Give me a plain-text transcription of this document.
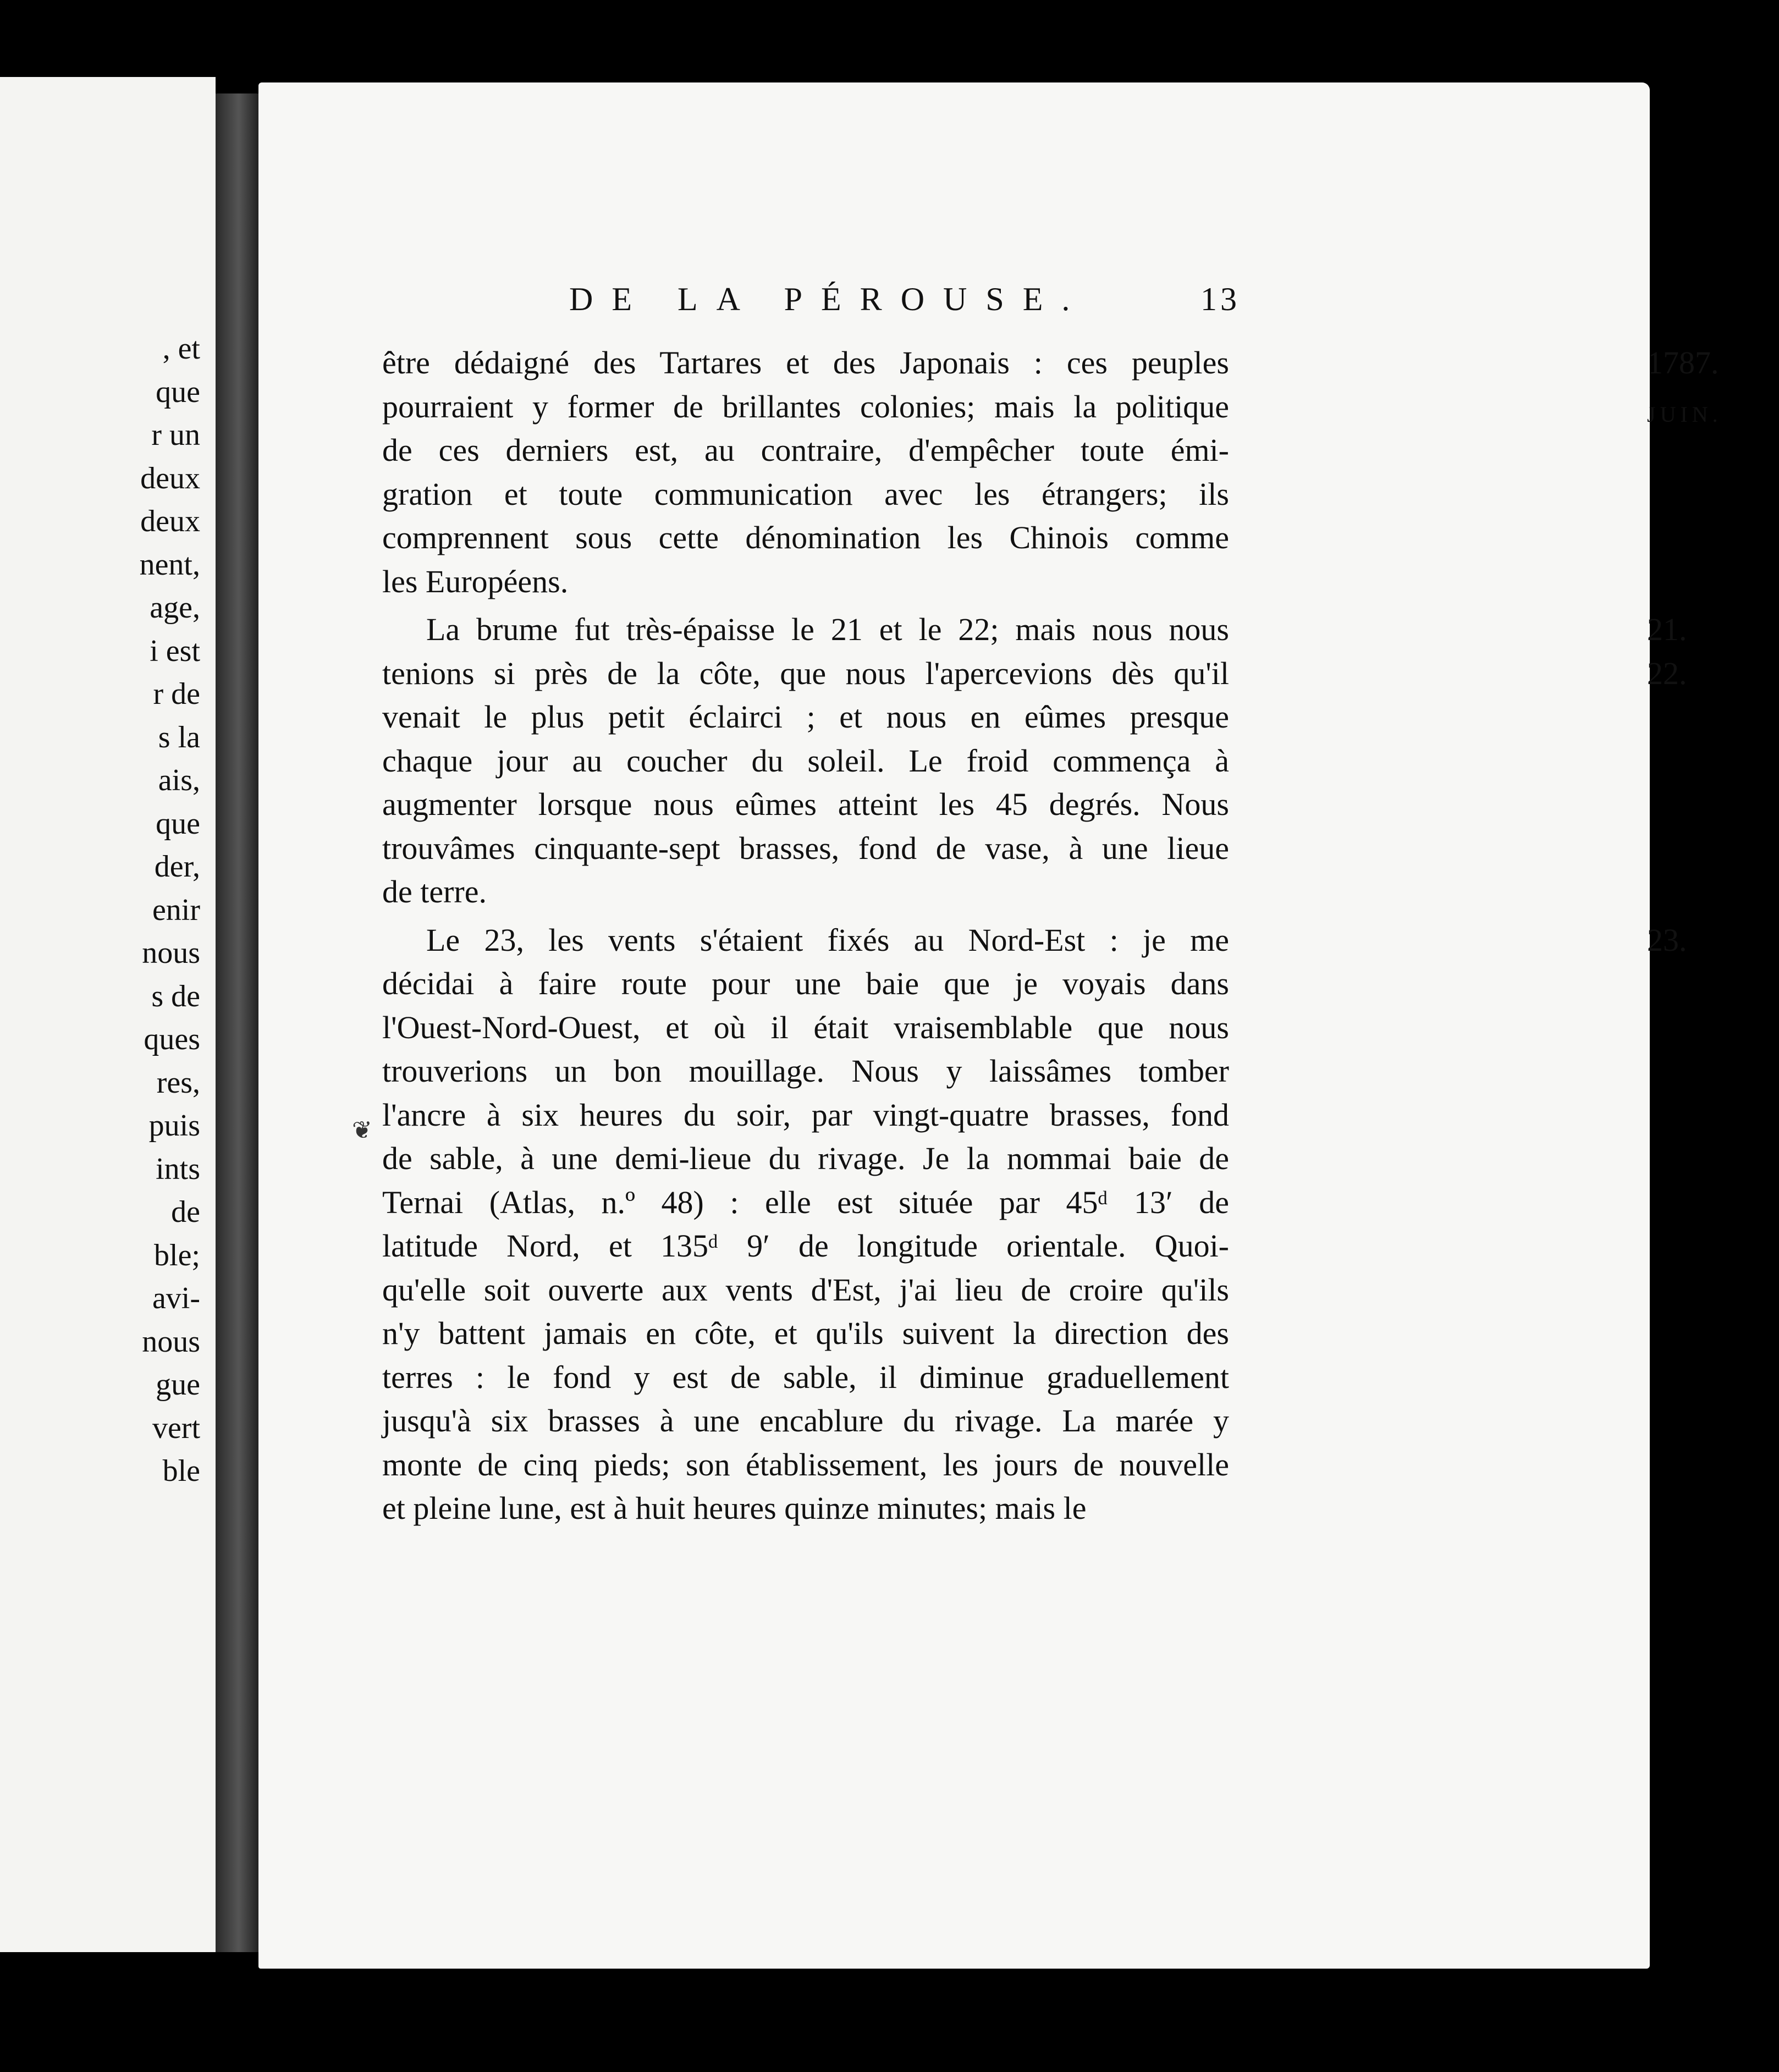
, et
que
r un
deux
deux
nent,
age,
i est
r de
s la
ais,
que
der,
enir
nous
s de
ques
res,
puis
ints
de
ble;
avi-
nous
gue
vert
ble
DE LA PÉROUSE.	13
1787.
JUIN.
21.
22.
23.
être dédaigné des Tartares et des Japonais : ces peuples
pourraient y former de brillantes colonies; mais la politique
de ces derniers est, au contraire, d'empêcher toute émi-
gration et toute communication avec les étrangers; ils
comprennent sous cette dénomination les Chinois comme
les Européens.
La brume fut très-épaisse le 21 et le 22; mais nous nous
tenions si près de la côte, que nous l'apercevions dès qu'il
venait le plus petit éclairci ; et nous en eûmes presque
chaque jour au coucher du soleil. Le froid commença à
augmenter lorsque nous eûmes atteint les 45 degrés. Nous
trouvâmes cinquante-sept brasses, fond de vase, à une lieue
de terre.
Le 23, les vents s'étaient fixés au Nord-Est : je me
décidai à faire route pour une baie que je voyais dans
l'Ouest-Nord-Ouest, et où il était vraisemblable que nous
trouverions un bon mouillage. Nous y laissâmes tomber
l'ancre à six heures du soir, par vingt-quatre brasses, fond
de sable, à une demi-lieue du rivage. Je la nommai baie de
Ternai (Atlas, n.º 48) : elle est située par 45ᵈ 13′ de
latitude Nord, et 135ᵈ 9′ de longitude orientale. Quoi-
qu'elle soit ouverte aux vents d'Est, j'ai lieu de croire qu'ils
n'y battent jamais en côte, et qu'ils suivent la direction des
terres : le fond y est de sable, il diminue graduellement
jusqu'à six brasses à une encablure du rivage. La marée y
monte de cinq pieds; son établissement, les jours de nouvelle
et pleine lune, est à huit heures quinze minutes; mais le
❦
